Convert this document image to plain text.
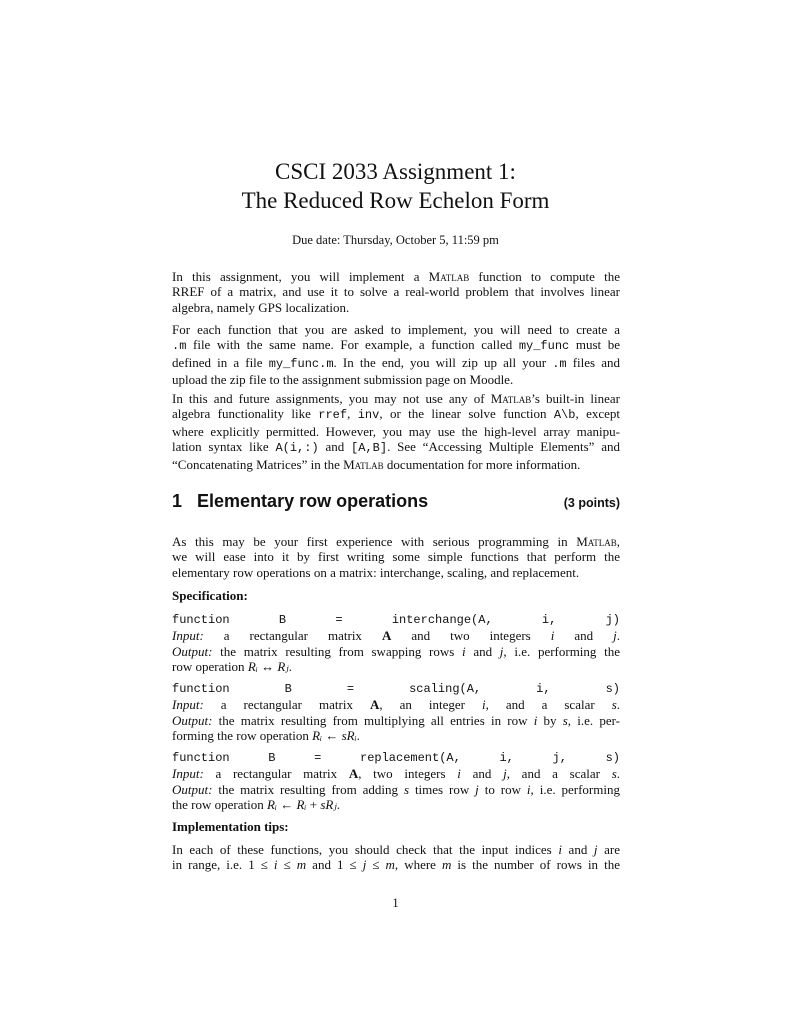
CSCI 2033 Assignment 1:
The Reduced Row Echelon Form
Due date: Thursday, October 5, 11:59 pm
1 Elementary row operations	(3 points)
In this assignment, you will implement a Matlab function to compute the
RREF of a matrix, and use it to solve a real-world problem that involves linear
algebra, namely GPS localization.
For each function that you are asked to implement, you will need to create a
.m file with the same name. For example, a function called my_func must be
defined in a file my_func.m. In the end, you will zip up all your .m files and
upload the zip file to the assignment submission page on Moodle.
In this and future assignments, you may not use any of Matlab’s built-in linear
algebra functionality like rref, inv, or the linear solve function A\b, except
where explicitly permitted. However, you may use the high-level array manipu-
lation syntax like A(i,:) and [A,B]. See “Accessing Multiple Elements” and
“Concatenating Matrices” in the Matlab documentation for more information.
As this may be your first experience with serious programming in Matlab,
we will ease into it by first writing some simple functions that perform the
elementary row operations on a matrix: interchange, scaling, and replacement.
Specification:
function B = interchange(A, i, j)
Input: a rectangular matrix A and two integers i and j.
Output: the matrix resulting from swapping rows i and j, i.e. performing the
row operation Rᵢ ↔ Rⱼ.
function B = scaling(A, i, s)
Input: a rectangular matrix A, an integer i, and a scalar s.
Output: the matrix resulting from multiplying all entries in row i by s, i.e. per-
forming the row operation Rᵢ ← sRᵢ.
function B = replacement(A, i, j, s)
Input: a rectangular matrix A, two integers i and j, and a scalar s.
Output: the matrix resulting from adding s times row j to row i, i.e. performing
the row operation Rᵢ ← Rᵢ + sRⱼ.
Implementation tips:
In each of these functions, you should check that the input indices i and j are
in range, i.e. 1 ≤ i ≤ m and 1 ≤ j ≤ m, where m is the number of rows in the
1
